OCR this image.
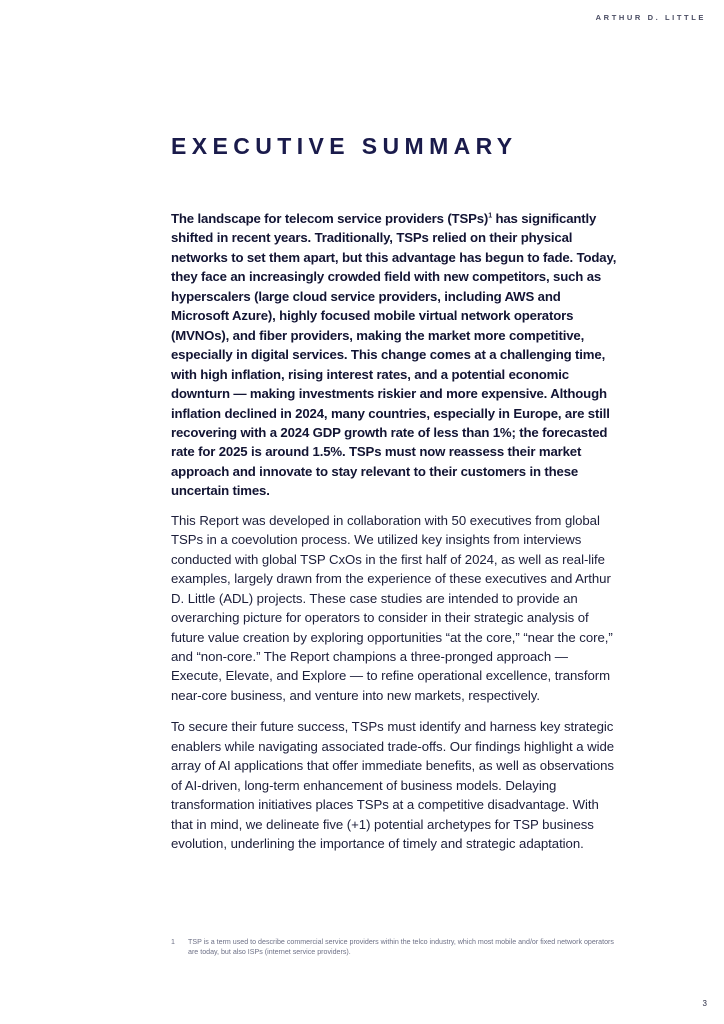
ARTHUR D. LITTLE
EXECUTIVE SUMMARY

The landscape for telecom service providers (TSPs)$^1$ has significantly shifted in recent years. Traditionally, TSPs relied on their physical networks to set them apart, but this advantage has begun to fade. Today, they face an increasingly crowded field with new competitors, such as hyperscalers (large cloud service providers, including AWS and Microsoft Azure), highly focused mobile virtual network operators (MVNOs), and fiber providers, making the market more competitive, especially in digital services. This change comes at a challenging time, with high inflation, rising interest rates, and a potential economic downturn — making investments riskier and more expensive. Although inflation declined in 2024, many countries, especially in Europe, are still recovering with a 2024 GDP growth rate of less than 1%; the forecasted rate for 2025 is around 1.5%. TSPs must now reassess their market approach and innovate to stay relevant to their customers in these uncertain times.

This Report was developed in collaboration with 50 executives from global TSPs in a coevolution process. We utilized key insights from interviews conducted with global TSP CxOs in the first half of 2024, as well as real-life examples, largely drawn from the experience of these executives and Arthur D. Little (ADL) projects. These case studies are intended to provide an overarching picture for operators to consider in their strategic analysis of future value creation by exploring opportunities “at the core,” “near the core,” and “non-core.” The Report champions a three-pronged approach — Execute, Elevate, and Explore — to refine operational excellence, transform near-core business, and venture into new markets, respectively.

To secure their future success, TSPs must identify and harness key strategic enablers while navigating associated trade-offs. Our findings highlight a wide array of AI applications that offer immediate benefits, as well as observations of AI-driven, long-term enhancement of business models. Delaying transformation initiatives places TSPs at a competitive disadvantage. With that in mind, we delineate five (+1) potential archetypes for TSP business evolution, underlining the importance of timely and strategic adaptation.

1	TSP is a term used to describe commercial service providers within the telco industry, which most mobile and/or fixed network operators are today, but also ISPs (internet service providers).
3
